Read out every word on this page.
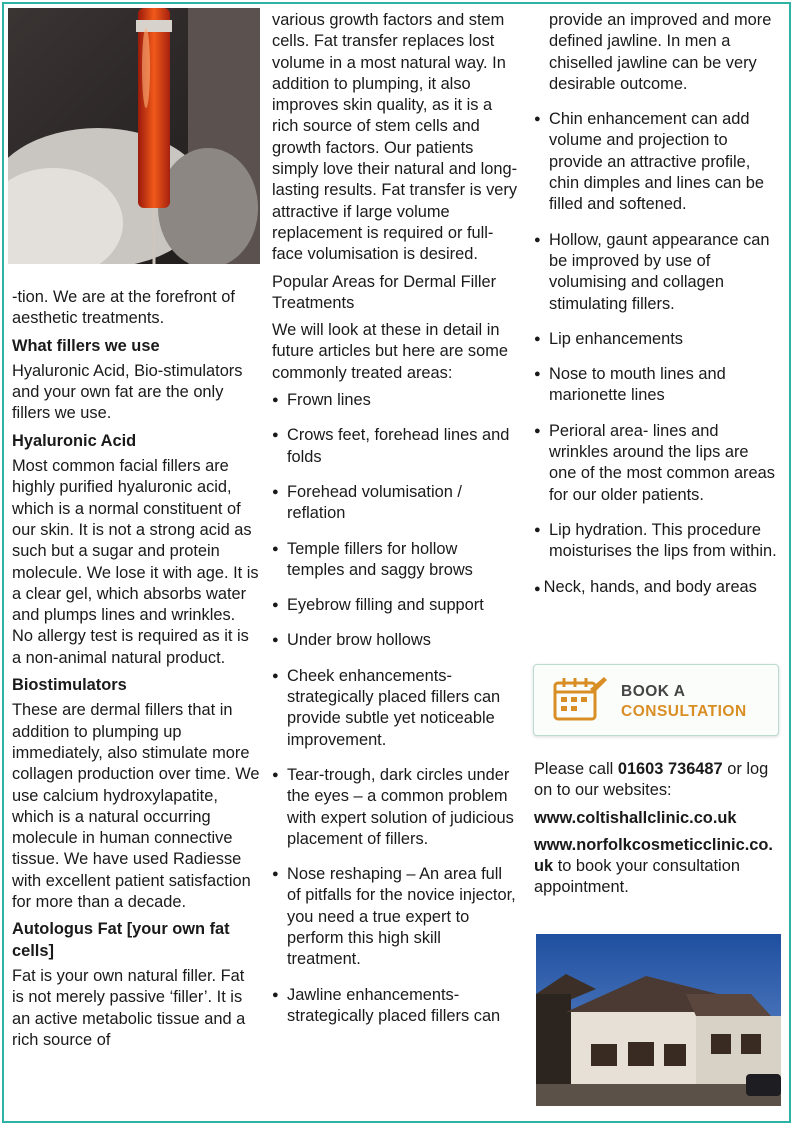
-tion. We are at the forefront of aesthetic treatments.

What fillers we use

Hyaluronic Acid, Bio-stimulators and your own fat are the only fillers we use.

Hyaluronic Acid

Most common facial fillers are highly purified hyaluronic acid, which is a normal constituent of our skin. It is not a strong acid as such but a sugar and protein molecule. We lose it with age. It is a clear gel, which absorbs water and plumps lines and wrinkles. No allergy test is required as it is a non-animal natural product.

Biostimulators

These are dermal fillers that in addition to plumping up immediately, also stimulate more collagen production over time. We use calcium hydroxylapatite, which is a natural occurring molecule in human connective tissue. We have used Radiesse with excellent patient satisfaction for more than a decade.

Autologus Fat [your own fat cells]

Fat is your own natural filler. Fat is not merely passive ‘filler’. It is an active metabolic tissue and a rich source of

various growth factors and stem cells. Fat transfer replaces lost volume in a most natural way. In addition to plumping, it also improves skin quality, as it is a rich source of stem cells and growth factors. Our patients simply love their natural and long-lasting results. Fat transfer is very attractive if large volume replacement is required or full-face volumisation is desired.

Popular Areas for Dermal Filler Treatments

We will look at these in detail in future articles but here are some commonly treated areas:

● Frown lines
● Crows feet, forehead lines and folds
● Forehead volumisation / reflation
● Temple fillers for hollow temples and saggy brows
● Eyebrow filling and support
● Under brow hollows
● Cheek enhancements- strategically placed fillers can provide subtle yet noticeable improvement.
● Tear-trough, dark circles under the eyes – a common problem with expert solution of judicious placement of fillers.
● Nose reshaping – An area full of pitfalls for the novice injector, you need a true expert to perform this high skill treatment.
● Jawline enhancements- strategically placed fillers can

provide an improved and more defined jawline. In men a chiselled jawline can be very desirable outcome.

● Chin enhancement can add volume and projection to provide an attractive profile, chin dimples and lines can be filled and softened.
● Hollow, gaunt appearance can be improved by use of volumising and collagen stimulating fillers.
● Lip enhancements
● Nose to mouth lines and marionette lines
● Perioral area- lines and wrinkles around the lips are one of the most common areas for our older patients.
● Lip hydration. This procedure moisturises the lips from within.
● Neck, hands, and body areas
BOOK A
CONSULTATION

Please call 01603 736487 or log on to our websites:

www.coltishallclinic.co.uk

www.norfolkcosmeticclinic.co.uk to book your consultation appointment.
